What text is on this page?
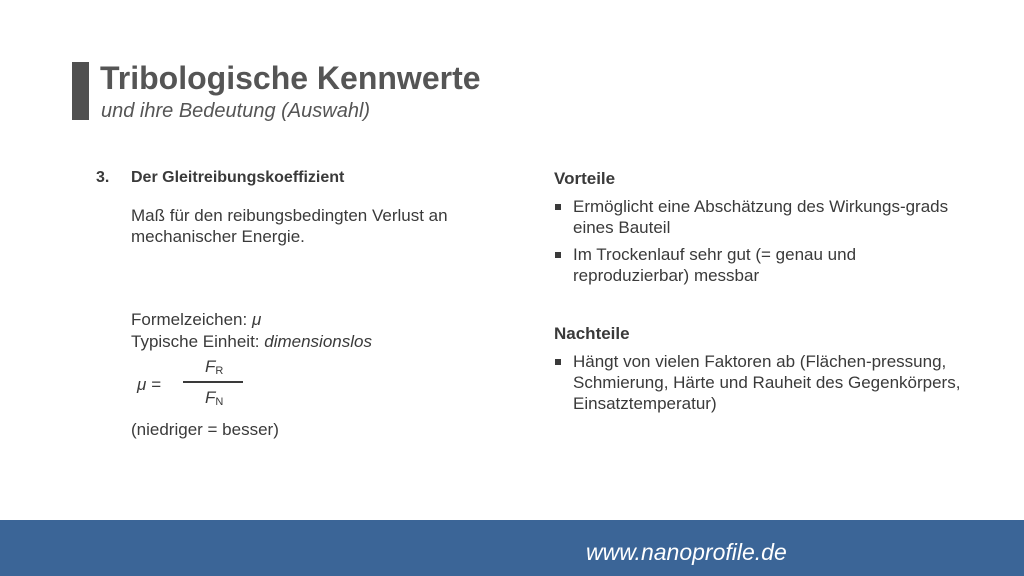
Tribologische Kennwerte
und ihre Bedeutung (Auswahl)
3. Der Gleitreibungskoeffizient
Maß für den reibungsbedingten Verlust an mechanischer Energie.
Formelzeichen: μ
Typische Einheit: dimensionslos
μ =
FR
FN
(niedriger = besser)
Vorteile
Ermöglicht eine Abschätzung des Wirkungs-grads eines Bauteil
Im Trockenlauf sehr gut (= genau und reproduzierbar) messbar
Nachteile
Hängt von vielen Faktoren ab (Flächen-pressung, Schmierung, Härte und Rauheit des Gegenkörpers, Einsatztemperatur)
www.nanoprofile.de
